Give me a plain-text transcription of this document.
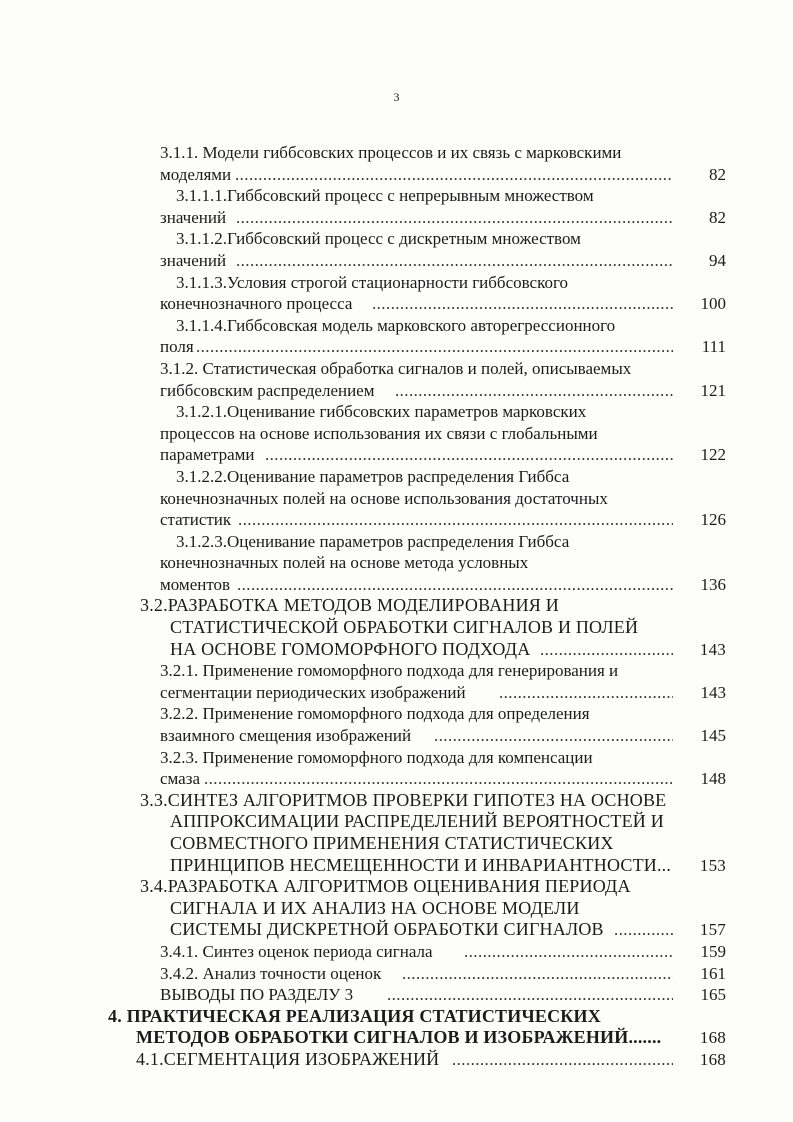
3
3.1.1. Модели гиббсовских процессов и их связь с марковскими
моделями .....	82
3.1.1.1.Гиббсовский процесс с непрерывным множеством
значений .....	82
3.1.1.2.Гиббсовский процесс с дискретным множеством
значений .....	94
3.1.1.3.Условия строгой стационарности гиббсовского
конечнозначного процесса .....	100
3.1.1.4.Гиббсовская модель марковского авторегрессионного
поля .....	111
3.1.2. Статистическая обработка сигналов и полей, описываемых
гиббсовским распределением .....	121
3.1.2.1.Оценивание гиббсовских параметров марковских
процессов на основе использования их связи с глобальными
параметрами .....	122
3.1.2.2.Оценивание параметров распределения Гиббса
конечнозначных полей на основе использования достаточных
статистик .....	126
3.1.2.3.Оценивание параметров распределения Гиббса
конечнозначных полей на основе метода условных
моментов .....	136
3.2.РАЗРАБОТКА МЕТОДОВ МОДЕЛИРОВАНИЯ И
СТАТИСТИЧЕСКОЙ ОБРАБОТКИ СИГНАЛОВ И ПОЛЕЙ
НА ОСНОВЕ ГОМОМОРФНОГО ПОДХОДА .....	143
3.2.1. Применение гомоморфного подхода для генерирования и
сегментации периодических изображений .....	143
3.2.2. Применение гомоморфного подхода для определения
взаимного смещения изображений .....	145
3.2.3. Применение гомоморфного подхода для компенсации
смаза .....	148
3.3.СИНТЕЗ АЛГОРИТМОВ ПРОВЕРКИ ГИПОТЕЗ НА ОСНОВЕ
АППРОКСИМАЦИИ РАСПРЕДЕЛЕНИЙ ВЕРОЯТНОСТЕЙ И
СОВМЕСТНОГО ПРИМЕНЕНИЯ СТАТИСТИЧЕСКИХ
ПРИНЦИПОВ НЕСМЕЩЕННОСТИ И ИНВАРИАНТНОСТИ...	153
3.4.РАЗРАБОТКА АЛГОРИТМОВ ОЦЕНИВАНИЯ ПЕРИОДА
СИГНАЛА И ИХ АНАЛИЗ НА ОСНОВЕ МОДЕЛИ
СИСТЕМЫ ДИСКРЕТНОЙ ОБРАБОТКИ СИГНАЛОВ .....	157
3.4.1. Синтез оценок периода сигнала .....	159
3.4.2. Анализ точности оценок .....	161
ВЫВОДЫ ПО РАЗДЕЛУ 3 .....	165
4. ПРАКТИЧЕСКАЯ РЕАЛИЗАЦИЯ СТАТИСТИЧЕСКИХ
МЕТОДОВ ОБРАБОТКИ СИГНАЛОВ И ИЗОБРАЖЕНИЙ.......	168
4.1.СЕГМЕНТАЦИЯ ИЗОБРАЖЕНИЙ .....	168
